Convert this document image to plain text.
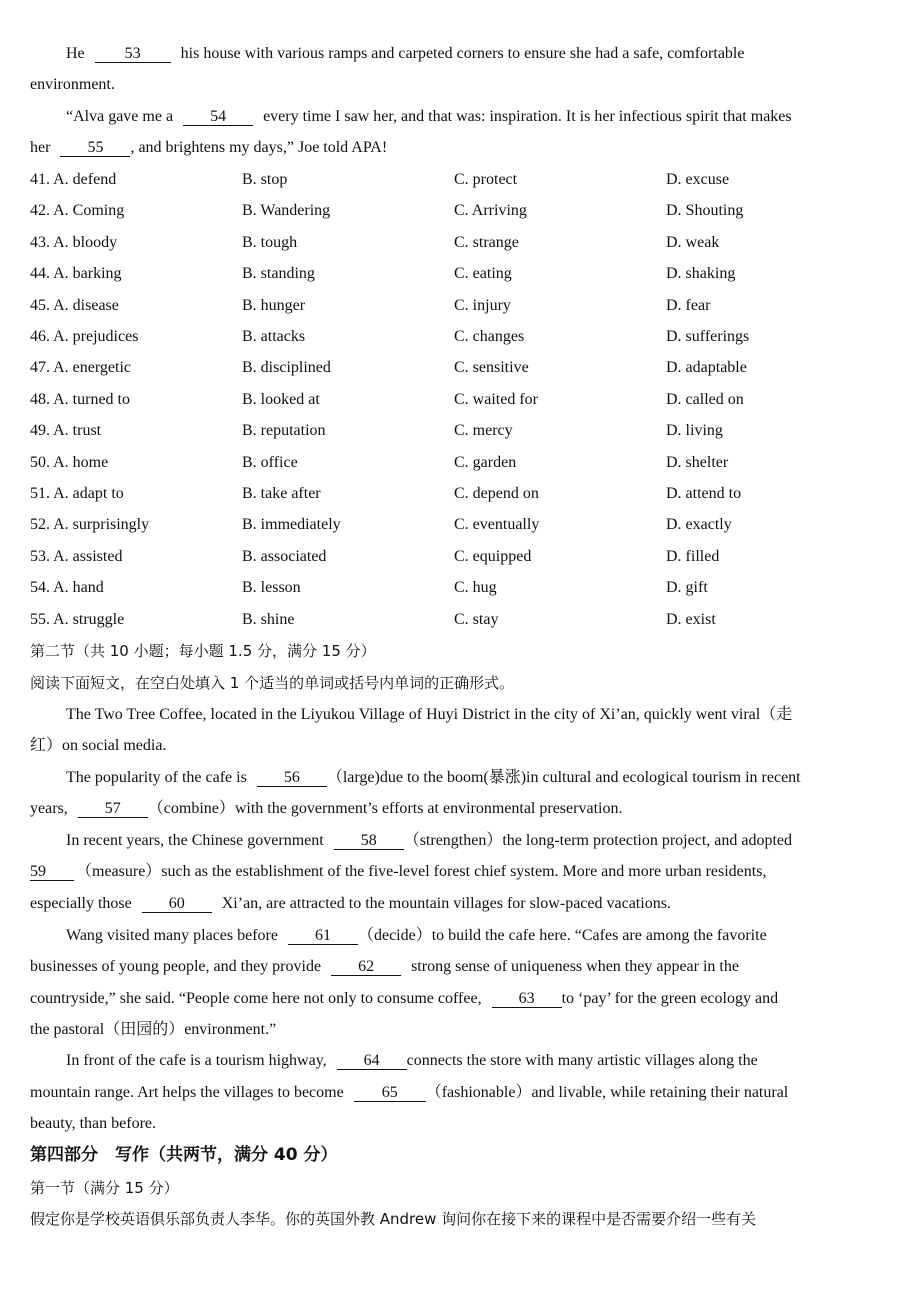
He	53	his house with various ramps and carpeted corners to ensure she had a safe, comfortable
environment.
“Alva gave me a 54 every time I saw her, and that was: inspiration. It is her infectious spirit that makes
her 55 , and brightens my days,” Joe told APA!
41. A. defend	B. stop	C. protect	D. excuse
42. A. Coming	B. Wandering	C. Arriving	D. Shouting
43. A. bloody	B. tough	C. strange	D. weak
44. A. barking	B. standing	C. eating	D. shaking
45. A. disease	B. hunger	C. injury	D. fear
46. A. prejudices	B. attacks	C. changes	D. sufferings
47. A. energetic	B. disciplined	C. sensitive	D. adaptable
48. A. turned to	B. looked at	C. waited for	D. called on
49. A. trust	B. reputation	C. mercy	D. living
50. A. home	B. office	C. garden	D. shelter
51. A. adapt to	B. take after	C. depend on	D. attend to
52. A. surprisingly	B. immediately	C. eventually	D. exactly
53. A. assisted	B. associated	C. equipped	D. filled
54. A. hand	B. lesson	C. hug	D. gift
55. A. struggle	B. shine	C. stay	D. exist
第二节（共 10 小题；每小题 1.5 分，满分 15 分）
阅读下面短文，在空白处填入 1 个适当的单词或括号内单词的正确形式。
The Two Tree Coffee, located in the Liyukou Village of Huyi District in the city of Xi’an, quickly went viral（走
红）on social media.
The popularity of the cafe is 56 （large)due to the boom(暴涨)in cultural and ecological tourism in recent
years, 57 （combine）with the government’s efforts at environmental preservation.
In recent years, the Chinese government 58 （strengthen）the long-term protection project, and adopted
59 （measure）such as the establishment of the five-level forest chief system. More and more urban residents,
especially those 60 Xi’an, are attracted to the mountain villages for slow-paced vacations.
Wang visited many places before 61 （decide）to build the cafe here. “Cafes are among the favorite
businesses of young people, and they provide 62 strong sense of uniqueness when they appear in the
countryside,” she said. “People come here not only to consume coffee, 63 to ‘pay’ for the green ecology and
the pastoral（田园的）environment.”
In front of the cafe is a tourism highway, 64 connects the store with many artistic villages along the
mountain range. Art helps the villages to become 65 （fashionable）and livable, while retaining their natural
beauty, than before.
第四部分　写作（共两节，满分 40 分）
第一节（满分 15 分）
假定你是学校英语俱乐部负责人李华。你的英国外教 Andrew 询问你在接下来的课程中是否需要介绍一些有关
